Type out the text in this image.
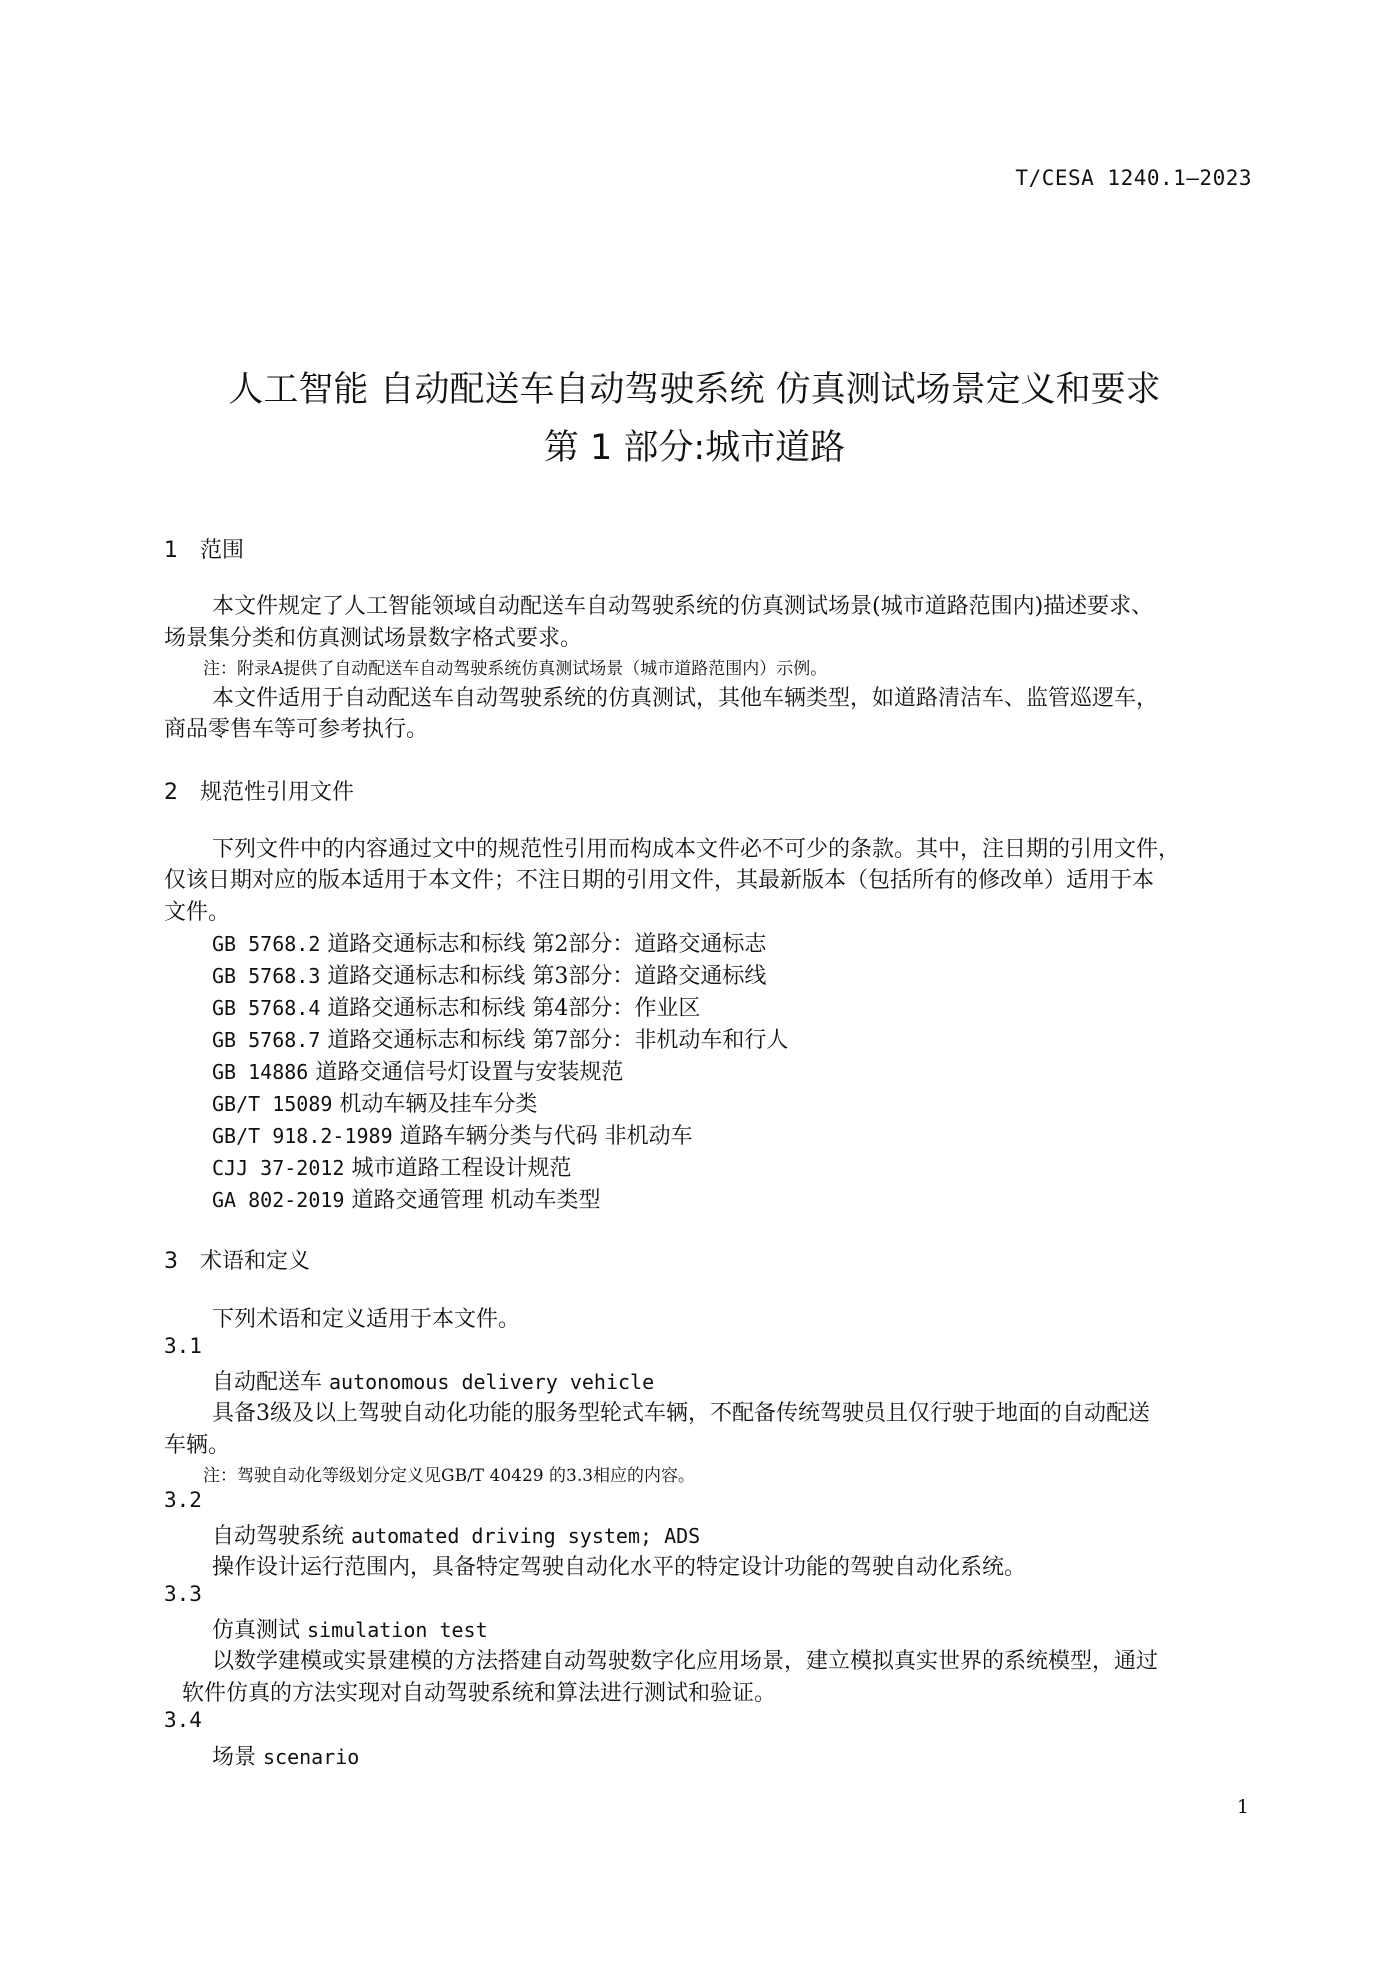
T/CESA 1240.1—2023
人工智能 自动配送车自动驾驶系统 仿真测试场景定义和要求
第 1 部分:城市道路
1 范围
本文件规定了人工智能领域自动配送车自动驾驶系统的仿真测试场景(城市道路范围内)描述要求、
场景集分类和仿真测试场景数字格式要求。
注：附录A提供了自动配送车自动驾驶系统仿真测试场景（城市道路范围内）示例。
本文件适用于自动配送车自动驾驶系统的仿真测试，其他车辆类型，如道路清洁车、监管巡逻车，
商品零售车等可参考执行。
2 规范性引用文件
下列文件中的内容通过文中的规范性引用而构成本文件必不可少的条款。其中，注日期的引用文件，
仅该日期对应的版本适用于本文件；不注日期的引用文件，其最新版本（包括所有的修改单）适用于本
文件。
GB 5768.2 道路交通标志和标线 第2部分：道路交通标志
GB 5768.3 道路交通标志和标线 第3部分：道路交通标线
GB 5768.4 道路交通标志和标线 第4部分：作业区
GB 5768.7 道路交通标志和标线 第7部分：非机动车和行人
GB 14886 道路交通信号灯设置与安装规范
GB/T 15089 机动车辆及挂车分类
GB/T 918.2-1989 道路车辆分类与代码 非机动车
CJJ 37-2012 城市道路工程设计规范
GA 802-2019 道路交通管理 机动车类型
3 术语和定义
下列术语和定义适用于本文件。
3.1
自动配送车 autonomous delivery vehicle
具备3级及以上驾驶自动化功能的服务型轮式车辆，不配备传统驾驶员且仅行驶于地面的自动配送
车辆。
注：驾驶自动化等级划分定义见GB/T 40429 的3.3相应的内容。
3.2
自动驾驶系统 automated driving system; ADS
操作设计运行范围内，具备特定驾驶自动化水平的特定设计功能的驾驶自动化系统。
3.3
仿真测试 simulation test
以数学建模或实景建模的方法搭建自动驾驶数字化应用场景，建立模拟真实世界的系统模型，通过
软件仿真的方法实现对自动驾驶系统和算法进行测试和验证。
3.4
场景 scenario
1
